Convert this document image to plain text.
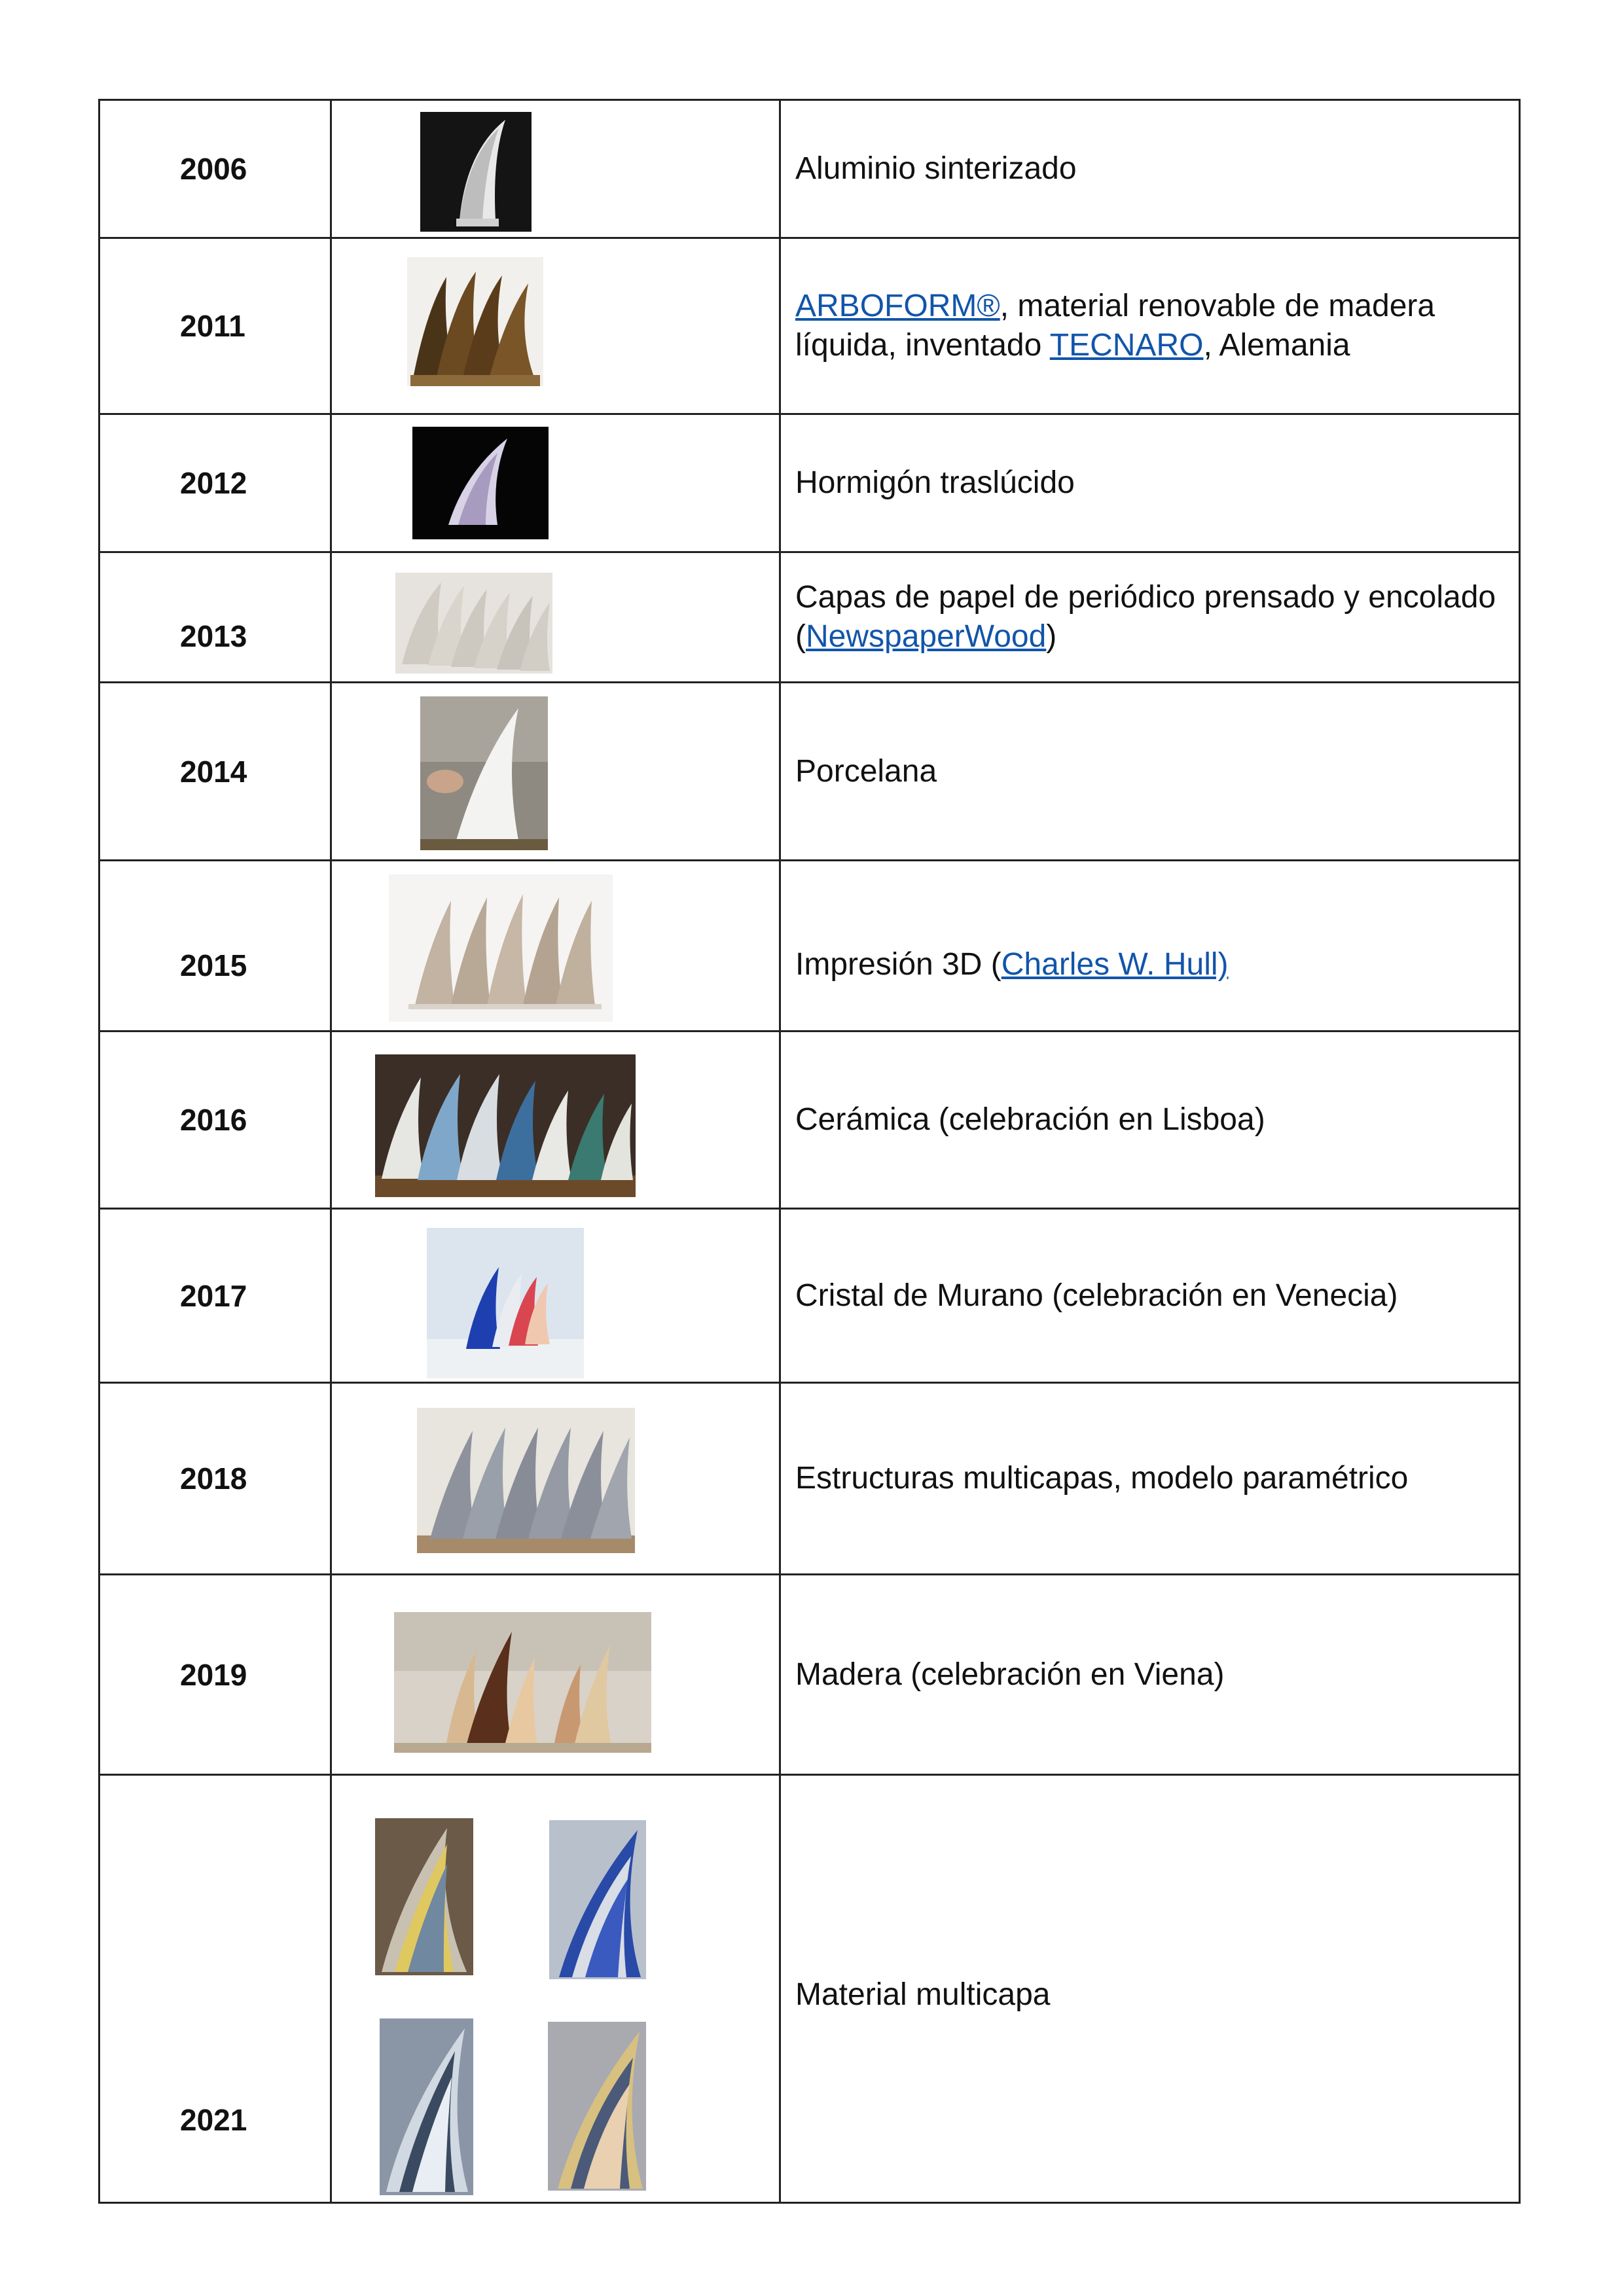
2006		Aluminio sinterizado
2011		ARBOFORM®, material renovable de madera líquida, inventado TECNARO, Alemania
2012		Hormigón traslúcido
2013		Capas de papel de periódico prensado y encolado (NewspaperWood)
2014		Porcelana
2015		Impresión 3D (Charles W. Hull)
2016		Cerámica (celebración en Lisboa)
2017		Cristal de Murano (celebración en Venecia)
2018		Estructuras multicapas, modelo paramétrico
2019		Madera (celebración en Viena)
2021		Material multicapa
